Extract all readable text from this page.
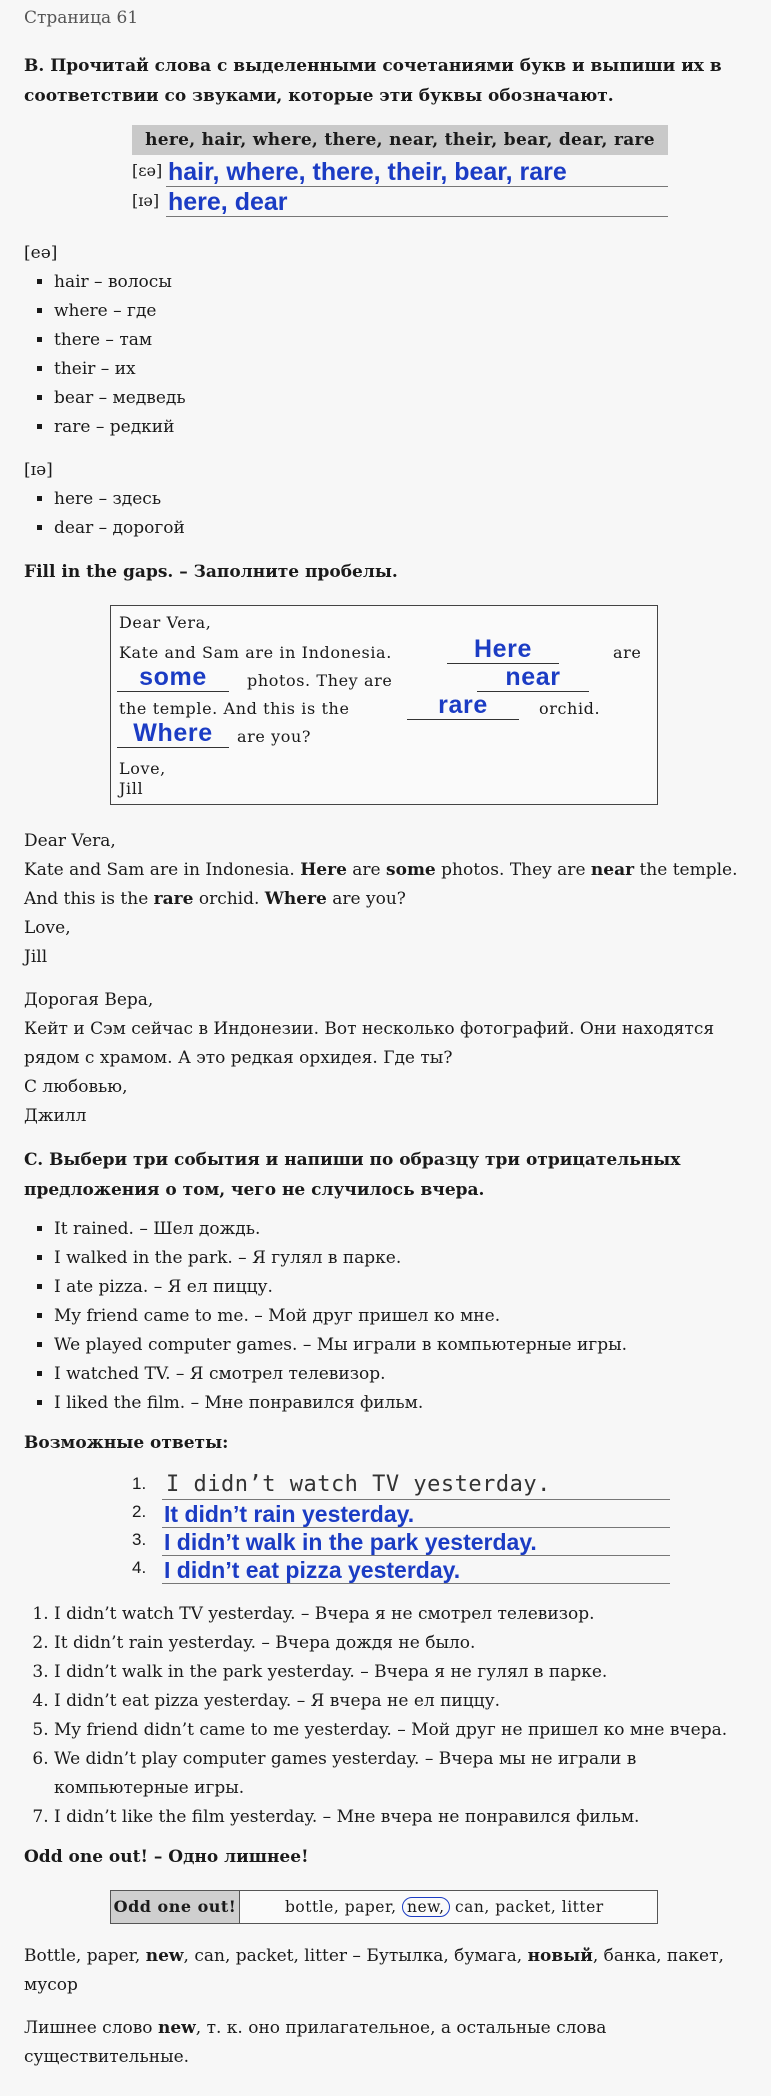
Страница 61

B. Прочитай слова с выделенными сочетаниями букв и выпиши их в соответствии со звуками, которые эти буквы обозначают.
here, hair, where, there, near, their, bear, dear, rare
[ɛə] hair, where, there, their, bear, rare
[ɪə] here, dear

[eə]

▪ hair – волосы
▪ where – где
▪ there – там
▪ their – их
▪ bear – медведь
▪ rare – редкий

[ɪə]

▪ here – здесь
▪ dear – дорогой
Fill in the gaps. – Заполните пробелы.
Dear Vera,
Kate and Sam are in Indonesia.	Here	are
some	photos. They are	near
the temple. And this is the	rare	orchid.
Where	are you?
Love,
Jill

Dear Vera,

Kate and Sam are in Indonesia. Here are some photos. They are near the temple. And this is the rare orchid. Where are you?

Love,

Jill

Дорогая Вера,

Кейт и Сэм сейчас в Индонезии. Вот несколько фотографий. Они находятся рядом с храмом. А это редкая орхидея. Где ты?

С любовью,

Джилл

C. Выбери три события и напиши по образцу три отрицательных предложения о том, чего не случилось вчера.
▪ It rained. – Шел дождь.
▪ I walked in the park. – Я гулял в парке.
▪ I ate pizza. – Я ел пиццу.
▪ My friend came to me. – Мой друг пришел ко мне.
▪ We played computer games. – Мы играли в компьютерные игры.
▪ I watched TV. – Я смотрел телевизор.
▪ I liked the film. – Мне понравился фильм.
Возможные ответы:
1. I didn’t watch TV yesterday.
2. It didn’t rain yesterday.
3. I didn’t walk in the park yesterday.
4. I didn’t eat pizza yesterday.
1. I didn’t watch TV yesterday. – Вчера я не смотрел телевизор.
2. It didn’t rain yesterday. – Вчера дождя не было.
3. I didn’t walk in the park yesterday. – Вчера я не гулял в парке.
4. I didn’t eat pizza yesterday. – Я вчера не ел пиццу.
5. My friend didn’t came to me yesterday. – Мой друг не пришел ко мне вчера.
6. We didn’t play computer games yesterday. – Вчера мы не играли в компьютерные игры.
7. I didn’t like the film yesterday. – Мне вчера не понравился фильм.
Odd one out! – Одно лишнее!
Odd one out!	bottle, paper, new, can, packet, litter

Bottle, paper, new, can, packet, litter – Бутылка, бумага, новый, банка, пакет, мусор

Лишнее слово new, т. к. оно прилагательное, а остальные слова существительные.
